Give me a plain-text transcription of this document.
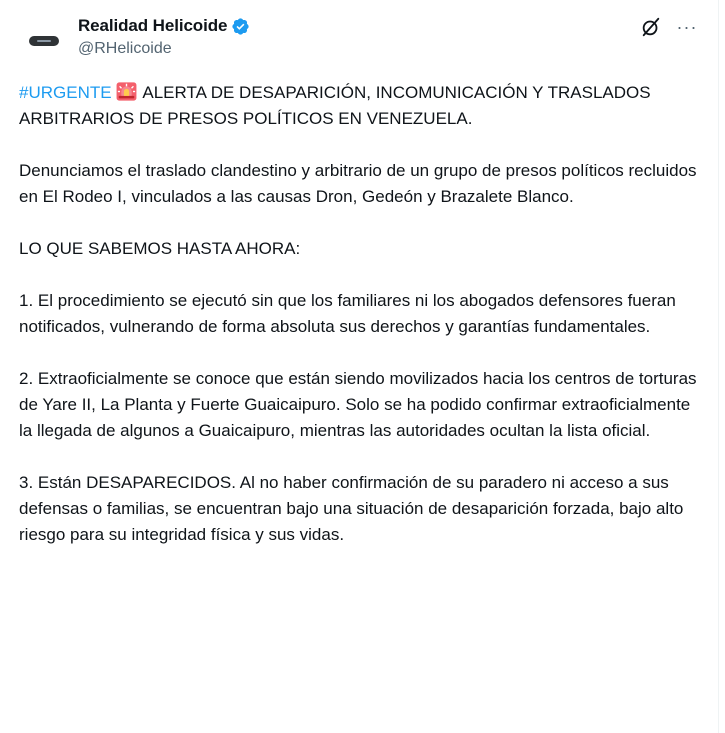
Realidad Helicoide
@RHelicoide
···

#URGENTE ALERTA DE DESAPARICIÓN, INCOMUNICACIÓN Y TRASLADOS ARBITRARIOS DE PRESOS POLÍTICOS EN VENEZUELA.

Denunciamos el traslado clandestino y arbitrario de un grupo de presos políticos recluidos en El Rodeo I, vinculados a las causas Dron, Gedeón y Brazalete Blanco.

LO QUE SABEMOS HASTA AHORA:

1. El procedimiento se ejecutó sin que los familiares ni los abogados defensores fueran notificados, vulnerando de forma absoluta sus derechos y garantías fundamentales.

2. Extraoficialmente se conoce que están siendo movilizados hacia los centros de torturas de Yare II, La Planta y Fuerte Guaicaipuro. Solo se ha podido confirmar extraoficialmente la llegada de algunos a Guaicaipuro, mientras las autoridades ocultan la lista oficial.

3. Están DESAPARECIDOS. Al no haber confirmación de su paradero ni acceso a sus defensas o familias, se encuentran bajo una situación de desaparición forzada, bajo alto riesgo para su integridad física y sus vidas.
